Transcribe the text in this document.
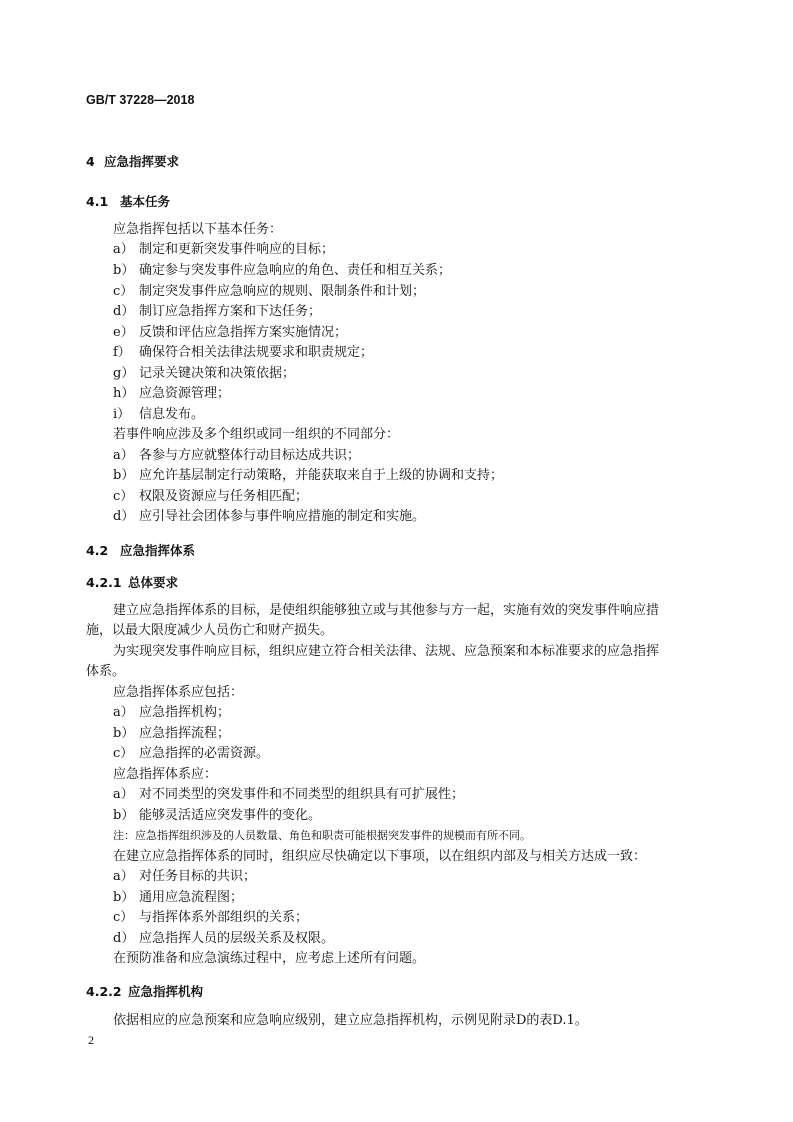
GB/T 37228—2018
4 应急指挥要求
4.1 基本任务
应急指挥包括以下基本任务：
a） 制定和更新突发事件响应的目标；
b） 确定参与突发事件应急响应的角色、责任和相互关系；
c） 制定突发事件应急响应的规则、限制条件和计划；
d） 制订应急指挥方案和下达任务；
e） 反馈和评估应急指挥方案实施情况；
f） 确保符合相关法律法规要求和职责规定；
g） 记录关键决策和决策依据；
h） 应急资源管理；
i） 信息发布。
若事件响应涉及多个组织或同一组织的不同部分：
a） 各参与方应就整体行动目标达成共识；
b） 应允许基层制定行动策略，并能获取来自于上级的协调和支持；
c） 权限及资源应与任务相匹配；
d） 应引导社会团体参与事件响应措施的制定和实施。
4.2 应急指挥体系
4.2.1 总体要求
建立应急指挥体系的目标，是使组织能够独立或与其他参与方一起，实施有效的突发事件响应措
施，以最大限度减少人员伤亡和财产损失。
为实现突发事件响应目标，组织应建立符合相关法律、法规、应急预案和本标准要求的应急指挥
体系。
应急指挥体系应包括：
a） 应急指挥机构；
b） 应急指挥流程；
c） 应急指挥的必需资源。
应急指挥体系应：
a） 对不同类型的突发事件和不同类型的组织具有可扩展性；
b） 能够灵活适应突发事件的变化。
注：应急指挥组织涉及的人员数量、角色和职责可能根据突发事件的规模而有所不同。
在建立应急指挥体系的同时，组织应尽快确定以下事项，以在组织内部及与相关方达成一致：
a） 对任务目标的共识；
b） 通用应急流程图；
c） 与指挥体系外部组织的关系；
d） 应急指挥人员的层级关系及权限。
在预防准备和应急演练过程中，应考虑上述所有问题。
4.2.2 应急指挥机构
依据相应的应急预案和应急响应级别，建立应急指挥机构，示例见附录D的表D.1。
2
